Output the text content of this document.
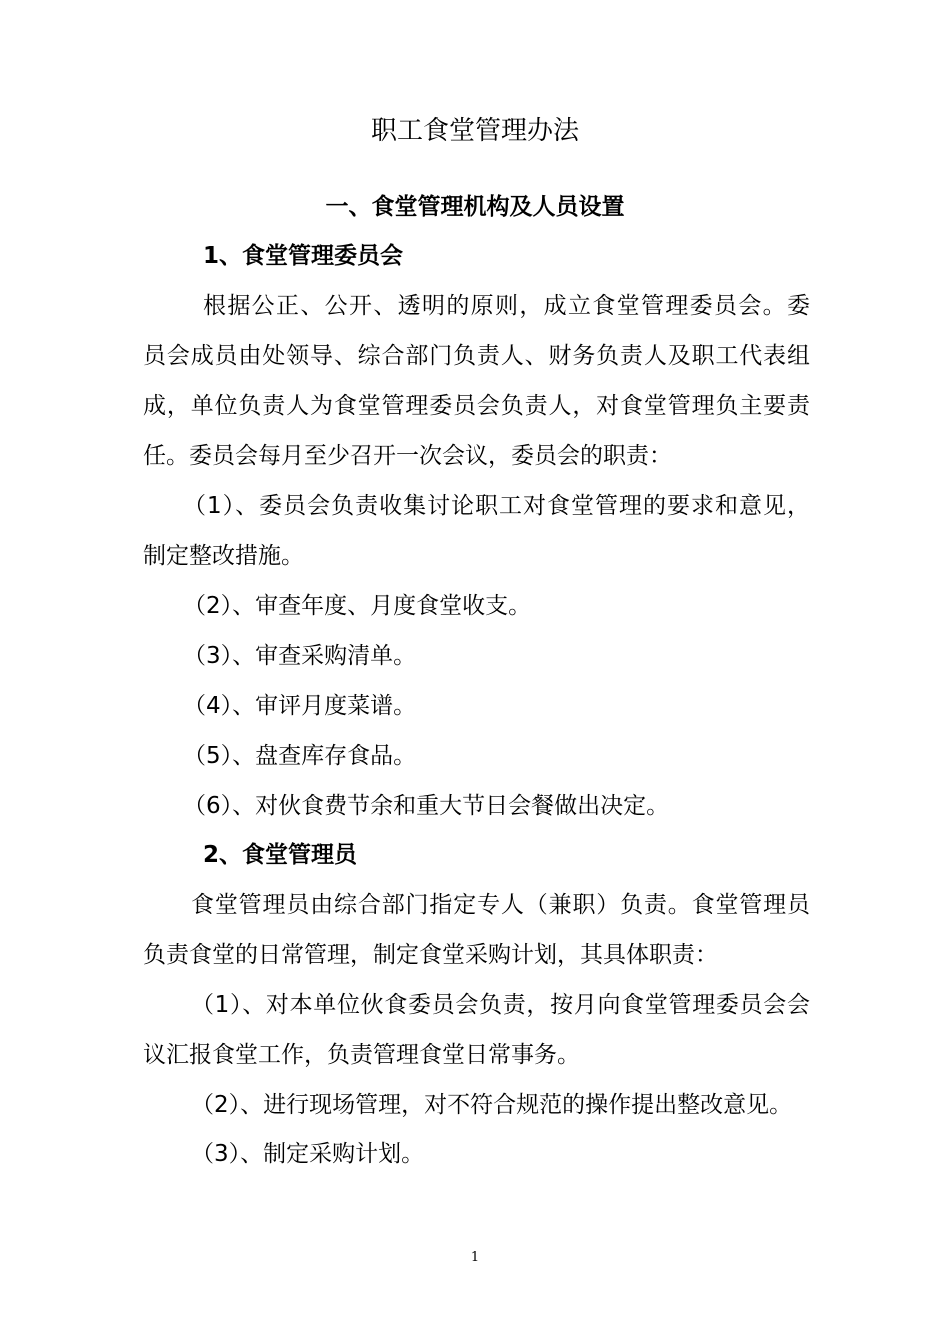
职工食堂管理办法

一、食堂管理机构及人员设置

1、食堂管理委员会

根据公正、公开、透明的原则，成立食堂管理委员会。委

员会成员由处领导、综合部门负责人、财务负责人及职工代表组

成，单位负责人为食堂管理委员会负责人，对食堂管理负主要责

任。委员会每月至少召开一次会议，委员会的职责：

（1）、委员会负责收集讨论职工对食堂管理的要求和意见，

制定整改措施。

（2）、审查年度、月度食堂收支。

（3）、审查采购清单。

（4）、审评月度菜谱。

（5）、盘查库存食品。

（6）、对伙食费节余和重大节日会餐做出决定。

2、食堂管理员

食堂管理员由综合部门指定专人（兼职）负责。食堂管理员

负责食堂的日常管理，制定食堂采购计划，其具体职责：

（1）、对本单位伙食委员会负责，按月向食堂管理委员会会

议汇报食堂工作，负责管理食堂日常事务。

（2）、进行现场管理，对不符合规范的操作提出整改意见。

（3）、制定采购计划。

1
